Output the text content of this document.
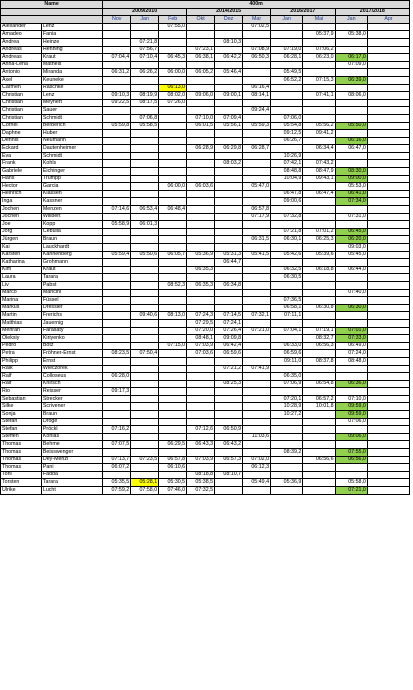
Name		400m									
		2009/2010			2014/2015			2016/2017		2017/2018	
		Nov	Jan	Feb	Okt	Dez	Mar	Jan	Mai	Jan	Apr
Alexander	Lenz			07:55,0			07:02,5				
Amadeo	Fania								05:37,9	05:38,0	
Andrea	Heinze		07:21,8			08:10,3					
Andreas	Henning		07:56,7		07:23,1		07:08,9	07:19,0	07:06,2		
Andreas	Kraut	07:04,4	07:10,4	06:45,3	06:38,1	06:42,2	06:50,3	06:28,1	06:23,0	06:17,0	
Anna-Lena	Matheis									07:09,0	
Antonio	Miranda	06:31,2	06:26,2	06:00,0	06:05,2	05:46,4		05:49,5			
Axel	Keuneke							06:52,2	07:15,3	06:39,0	
Carmen	Raschke			06:13,0			06:16,4				
Christian	Lenz	09:10,3	08:19,9	08:02,0	09:06,0	09:00,1	08:14,1		07:41,1	08:06,0	
Christian	Meynert	09:22,5	08:17,5	07:26,0							
Christian	Sauer						09:24,4				
Christian	Schmidt		07:06,8		07:10,0	07:09,4		07:06,0			
Cornel	Berberich	05:59,8	05:58,5		06:01,5	05:56,1	05:59,3	05:54,8	05:56,2	05:50,0	
Daphne	Huber							09:12,5	09:41,2		
Dennis	Neumann							06:26,7		06:16,0	
Eckard	Dautenheimer				06:28,9	06:29,8	06:28,7		06:34,4	06:47,0	
Eva	Schmidt							10:26,9			
Frank	Kohls					08:03,2		07:42,1	07:43,2		
Gabriele	Eichinger							08:48,8	08:47,9	08:30,0	
Hans	Trumpp							10:04,9	09:43,1	09:00,0	
Hector	Garcia			06:00,0	06:03,6		05:47,0			05:53,0	
Heinrich	Klassen							06:47,8	06:47,4	06:41,0	
Inga	Kassner							09:00,6		07:34,0	
Jochen	Menzen	07:14,6	06:53,4	06:48,4			06:57,8				
Jochen	Willbert						07:17,9	07:32,8		07:31,0	
Joe	Kopp	05:58,9	06:01,3								
Jörg	Cebulla							07:21,8	07:01,2	06:45,0	
Jürgen	Braun						06:31,5	06:30,1	06:25,3	06:20,0	
Kai	Lauckhardt									09:03,0	
Karsten	Kannenberg	05:59,4	05:50,6	06:05,7	05:36,9	05:31,3	05:41,5	05:42,6	05:39,6	05:45,0	
Katharina	Grohmann					06:44,7					
Kim	Kraut				06:35,3			06:32,5	06:18,8	06:44,0	
Laura	Tarara							06:30,5			
Liv	Pabst			08:52,3	06:35,3	06:34,8					
Marco	Mancini									07:40,0	
Marina	Füssel							07:36,5			
Markus	Dressler							06:58,1	06:30,8	06:30,0	
Martin	Frerichs		09:40,6	08:13,0	07:24,3	07:14,5	07:32,1	07:11,1			
Matthias	Jauernig				07:29,5	07:24,1					
Mehran	Farasaty				07:20,0	07:26,4	07:21,0	07:04,1	07:19,1	07:01,0	
Oleksiy	Kiriyenko				08:48,1	09:09,8			08:32,7	07:33,0	
Pedro	Botz			07:15,0	07:03,9	06:42,4		06:33,0	06:56,3	06:49,0	
Petra	Fröhner-Ernst	08:23,5	07:50,4		07:03,6	06:59,6		06:59,6		07:24,0	
Philipp	Ernst							09:11,0	08:37,8	08:48,0	
Raik	Wieczorek					07:21,2	07:41,9				
Ralf	Colloseus	06:28,0						06:35,0			
Ralf	Knirsch					08:25,3		07:06,9	06:54,8	06:36,0	
Rio	Reisser	09:17,3									
Sebastian	Strecker							07:20,1	06:57,2	07:10,0	
Silke	Scrivener							10:28,9	10:01,8	09:59,0	
Sonja	Braun							10:27,2		09:59,0	
Stefan	Dröge									07:06,0	
Stefan	Pröckl	07:16,2			07:12,6	06:50,9					
Steffen	Kohlas						11:03,6			09:06,0	
Thomas	Behme	07:07,5		06:29,5	06:43,3	06:43,2					
Thomas	Beisswenger							08:39,2		07:55,0	
Thomas	Dey-Menzl	07:13,7	07:23,5	06:57,8	07:03,9	06:57,3	07:02,0		06:56,6	06:56,0	
Thomas	Pani	06:07,2		06:10,6			06:12,3				
Toni	Fadda				08:18,8	08:10,7					
Torsten	Tarara	05:35,5	05:28,1	05:30,5	05:38,5		05:49,4	05:36,9		05:58,0	
Ulrike	Lucht	07:59,2	07:58,0	07:46,0	07:32,5					07:21,0	
